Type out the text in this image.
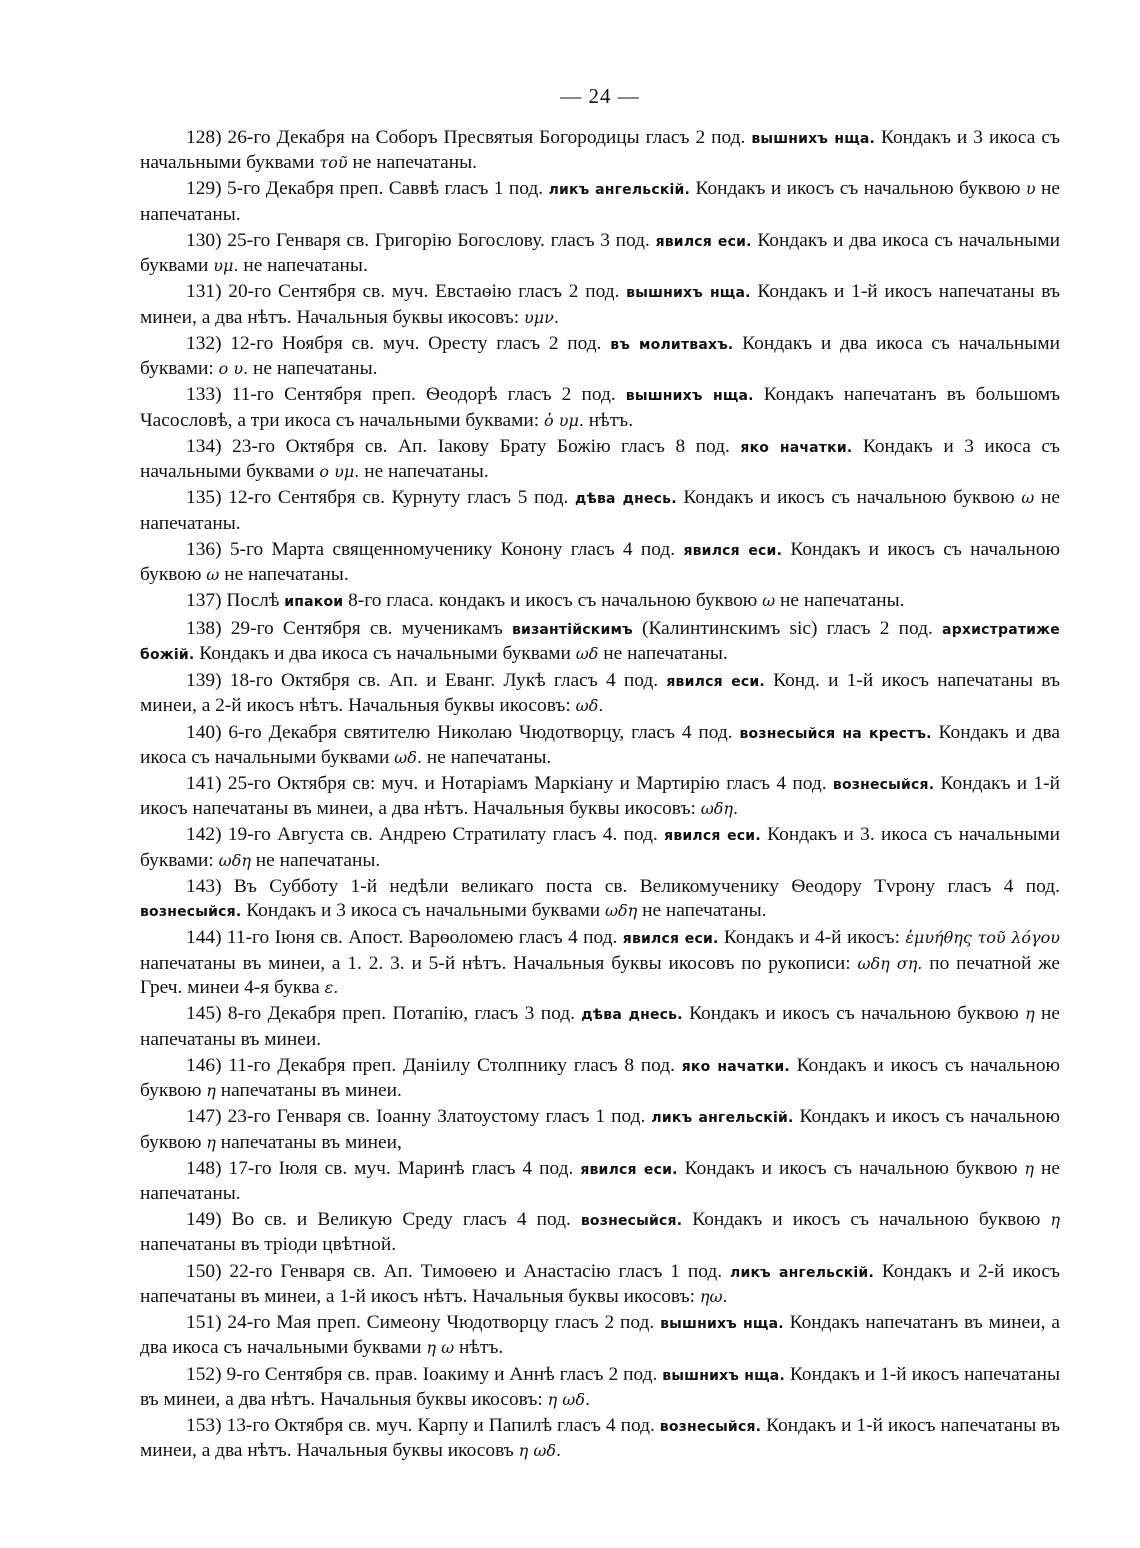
— 24 —

128) 26-го Декабря на Соборъ Пресвятыя Богородицы гласъ 2 под. вышнихъ нща. Кондакъ и 3 икоса съ начальными буквами τοῦ не напечатаны.

129) 5-го Декабря преп. Саввѣ гласъ 1 под. ликъ ангельскій. Кондакъ и икосъ съ начальною буквою υ не напечатаны.

130) 25-го Генваря св. Григорію Богослову. гласъ 3 под. явился еси. Кондакъ и два икоса съ начальными буквами υμ. не напечатаны.

131) 20-го Сентября св. муч. Евстаѳію гласъ 2 под. вышнихъ нща. Кондакъ и 1-й икосъ напечатаны въ минеи, а два нѣтъ. Начальныя буквы икосовъ: υμν.

132) 12-го Ноября св. муч. Оресту гласъ 2 под. въ молитвахъ. Кондакъ и два икоса съ начальными буквами: ο υ. не напечатаны.

133) 11-го Сентября преп. Ѳеодорѣ гласъ 2 под. вышнихъ нща. Кондакъ напечатанъ въ большомъ Часословѣ, а три икоса съ начальными буквами: ὁ υμ. нѣтъ.

134) 23-го Октября св. Ап. Іакову Брату Божію гласъ 8 под. яко начатки. Кондакъ и 3 икоса съ начальными буквами ο υμ. не напечатаны.

135) 12-го Сентября св. Курнуту гласъ 5 под. дѣва днесь. Кондакъ и икосъ съ начальною буквою ω не напечатаны.

136) 5-го Марта священномученику Конону гласъ 4 под. явился еси. Кондакъ и икосъ съ начальною буквою ω не напечатаны.

137) Послѣ ипакои 8-го гласа. кондакъ и икосъ съ начальною буквою ω не напечатаны.

138) 29-го Сентября св. мученикамъ византійскимъ (Калинтинскимъ sic) гласъ 2 под. архистратиже божій. Кондакъ и два икоса съ начальными буквами ωδ не напечатаны.

139) 18-го Октября св. Ап. и Еванг. Лукѣ гласъ 4 под. явился еси. Конд. и 1-й икосъ напечатаны въ минеи, а 2-й икосъ нѣтъ. Начальныя буквы икосовъ: ωδ.

140) 6-го Декабря святителю Николаю Чюдотворцу, гласъ 4 под. вознесыйся на крестъ. Кондакъ и два икоса съ начальными буквами ωδ. не напечатаны.

141) 25-го Октября св: муч. и Нотаріамъ Маркіану и Мартирію гласъ 4 под. вознесыйся. Кондакъ и 1-й икосъ напечатаны въ минеи, а два нѣтъ. Начальныя буквы икосовъ: ωδη.

142) 19-го Августа св. Андрею Стратилату гласъ 4. под. явился еси. Кондакъ и 3. икоса съ начальными буквами: ωδη не напечатаны.

143) Въ Субботу 1-й недѣли великаго поста св. Великомученику Ѳеодору Тvрону гласъ 4 под. вознесыйся. Кондакъ и 3 икоса съ начальными буквами ωδη не напечатаны.

144) 11-го Іюня св. Апост. Варѳоломею гласъ 4 под. явился еси. Кондакъ и 4-й икосъ: ἐμυήθης τοῦ λόγου напечатаны въ минеи, а 1. 2. 3. и 5-й нѣтъ. Начальныя буквы икосовъ по рукописи: ωδη ση. по печатной же Греч. минеи 4-я буква ε.

145) 8-го Декабря преп. Потапію, гласъ 3 под. дѣва днесь. Кондакъ и икосъ съ начальною буквою η не напечатаны въ минеи.

146) 11-го Декабря преп. Даніилу Столпнику гласъ 8 под. яко начатки. Кондакъ и икосъ съ начальною буквою η напечатаны въ минеи.

147) 23-го Генваря св. Іоанну Златоустому гласъ 1 под. ликъ ангельскій. Кондакъ и икосъ съ начальною буквою η напечатаны въ минеи,

148) 17-го Іюля св. муч. Маринѣ гласъ 4 под. явился еси. Кондакъ и икосъ съ начальною буквою η не напечатаны.

149) Во св. и Великую Среду гласъ 4 под. вознесыйся. Кондакъ и икосъ съ начальною буквою η напечатаны въ тріоди цвѣтной.

150) 22-го Генваря св. Ап. Тимоѳею и Анастасію гласъ 1 под. ликъ ангельскій. Кондакъ и 2-й икосъ напечатаны въ минеи, а 1-й икосъ нѣтъ. Начальныя буквы икосовъ: ηω.

151) 24-го Мая преп. Симеону Чюдотворцу гласъ 2 под. вышнихъ нща. Кондакъ напечатанъ въ минеи, а два икоса съ начальными буквами η ω нѣтъ.

152) 9-го Сентября св. прав. Іоакиму и Аннѣ гласъ 2 под. вышнихъ нща. Кондакъ и 1-й икосъ напечатаны въ минеи, а два нѣтъ. Начальныя буквы икосовъ: η ωδ.

153) 13-го Октября св. муч. Карпу и Папилѣ гласъ 4 под. вознесыйся. Кондакъ и 1-й икосъ напечатаны въ минеи, а два нѣтъ. Начальныя буквы икосовъ η ωδ.
